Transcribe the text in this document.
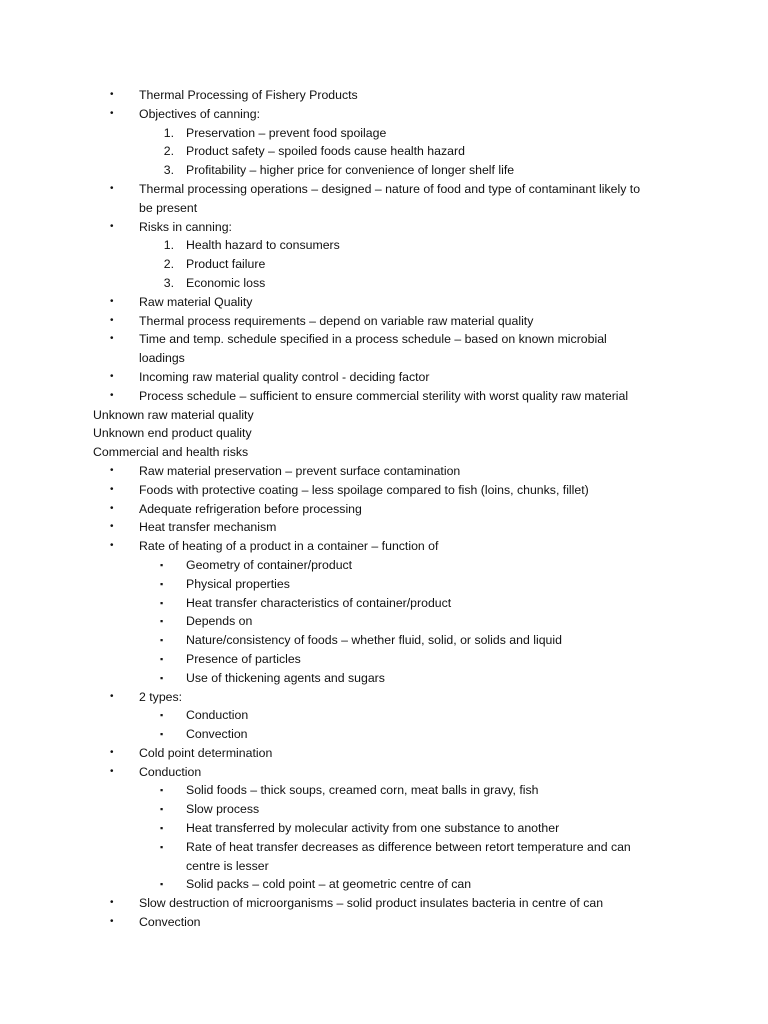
•	Thermal Processing of Fishery Products
•	Objectives of canning:
1. Preservation – prevent food spoilage
2. Product safety – spoiled foods cause health hazard
3. Profitability – higher price for convenience of longer shelf life
•	Thermal processing operations – designed – nature of food and type of contaminant likely to
be present
•	Risks in canning:
1. Health hazard to consumers
2. Product failure
3. Economic loss
•	Raw material Quality
•	Thermal process requirements – depend on variable raw material quality
•	Time and temp. schedule specified in a process schedule – based on known microbial
loadings
•	Incoming raw material quality control - deciding factor
•	Process schedule – sufficient to ensure commercial sterility with worst quality raw material
Unknown raw material quality
Unknown end product quality
Commercial and health risks
•	Raw material preservation – prevent surface contamination
•	Foods with protective coating – less spoilage compared to fish (loins, chunks, fillet)
•	Adequate refrigeration before processing
•	Heat transfer mechanism
•	Rate of heating of a product in a container – function of
▪	Geometry of container/product
▪	Physical properties
▪	Heat transfer characteristics of container/product
▪	Depends on
▪	Nature/consistency of foods – whether fluid, solid, or solids and liquid
▪	Presence of particles
▪	Use of thickening agents and sugars
•	2 types:
▪	Conduction
▪	Convection
•	Cold point determination
•	Conduction
▪	Solid foods – thick soups, creamed corn, meat balls in gravy, fish
▪	Slow process
▪	Heat transferred by molecular activity from one substance to another
▪	Rate of heat transfer decreases as difference between retort temperature and can
centre is lesser
▪	Solid packs – cold point – at geometric centre of can
•	Slow destruction of microorganisms – solid product insulates bacteria in centre of can
•	Convection
